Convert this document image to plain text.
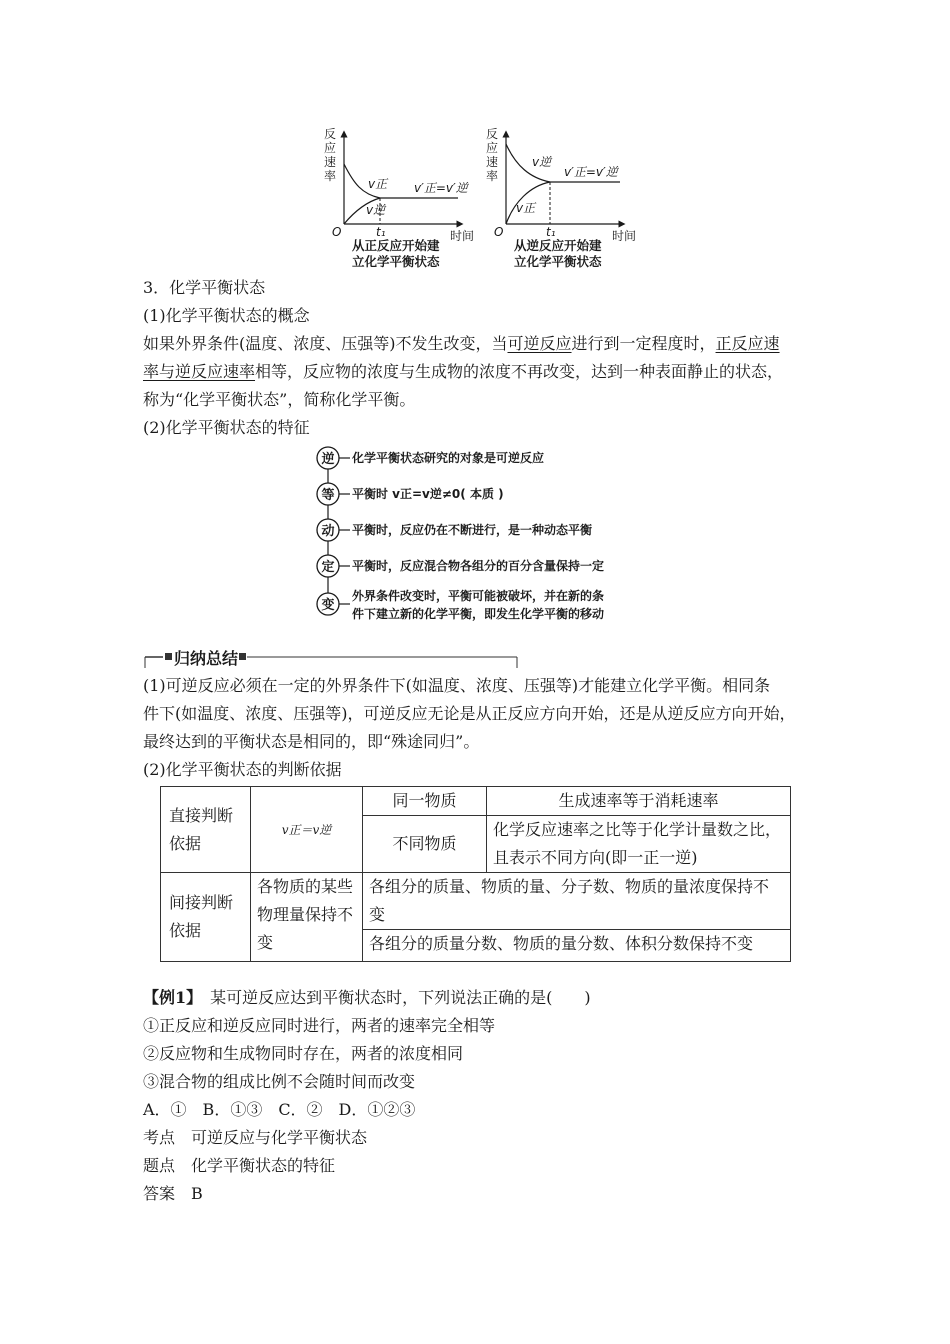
反
应
速
率
O	时间
v正
v逆
v′正=v′逆
t₁
从正反应开始建
立化学平衡状态
反
应
速
率
O	时间
v逆
v正
v′正=v′逆
t₁
从逆反应开始建
立化学平衡状态
3．化学平衡状态
(1)化学平衡状态的概念
如果外界条件(温度、浓度、压强等)不发生改变，当可逆反应进行到一定程度时，正反应速
率与逆反应速率相等，反应物的浓度与生成物的浓度不再改变，达到一种表面静止的状态，
称为“化学平衡状态”，简称化学平衡。
(2)化学平衡状态的特征
逆 化学平衡状态研究的对象是可逆反应
等 平衡时 v正=v逆≠0( 本质 )
动 平衡时，反应仍在不断进行，是一种动态平衡
定 平衡时，反应混合物各组分的百分含量保持一定
变
外界条件改变时，平衡可能被破坏，并在新的条
件下建立新的化学平衡，即发生化学平衡的移动
归纳总结
(1)可逆反应必须在一定的外界条件下(如温度、浓度、压强等)才能建立化学平衡。相同条
件下(如温度、浓度、压强等)，可逆反应无论是从正反应方向开始，还是从逆反应方向开始，
最终达到的平衡状态是相同的，即“殊途同归”。
(2)化学平衡状态的判断依据
直接判断依据	v正＝v逆	同一物质	生成速率等于消耗速率
		不同物质	化学反应速率之比等于化学计量数之比，且表示不同方向(即一正一逆)
间接判断依据	各物质的某些物理量保持不变	各组分的质量、物质的量、分子数、物质的量浓度保持不变	
		各组分的质量分数、物质的量分数、体积分数保持不变	
【例1】　 某可逆反应达到平衡状态时，下列说法正确的是(　　)
①正反应和逆反应同时进行，两者的速率完全相等
②反应物和生成物同时存在，两者的浓度相同
③混合物的组成比例不会随时间而改变
A．①　B．①③　C．②　D．①②③
考点　可逆反应与化学平衡状态
题点　化学平衡状态的特征
答案　B
